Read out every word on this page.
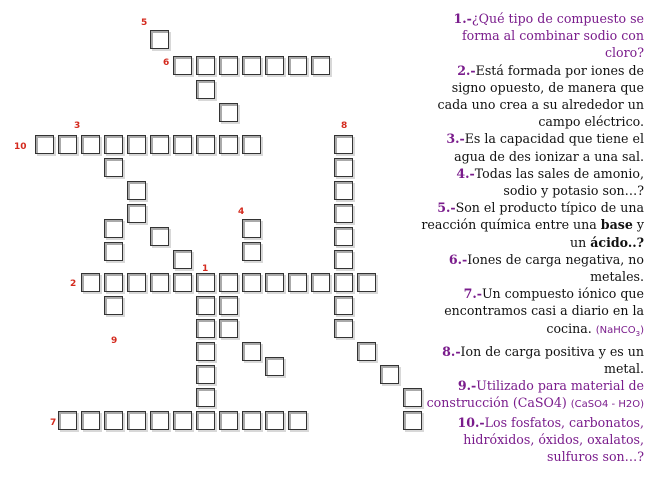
5
6
3
10
8
4
1
2
9
7

1.-¿Qué tipo de compuesto se forma al combinar sodio con cloro?

2.-Está formada por iones de signo opuesto, de manera que cada uno crea a su alrededor un campo eléctrico.

3.-Es la capacidad que tiene el agua de des ionizar a una sal.

4.-Todas las sales de amonio, sodio y potasio son…?

5.-Son el producto típico de una reacción química entre una base y un ácido..?

6.-Iones de carga negativa, no metales.

7.-Un compuesto iónico que encontramos casi a diario en la cocina. (NaHCO$_3$)

8.-Ion de carga positiva y es un metal.

9.-Utilizado para material de construcción (CaSO4) (CaSO4 - H2O)

10.-Los fosfatos, carbonatos, hidróxidos, óxidos, oxalatos, sulfuros son…?
